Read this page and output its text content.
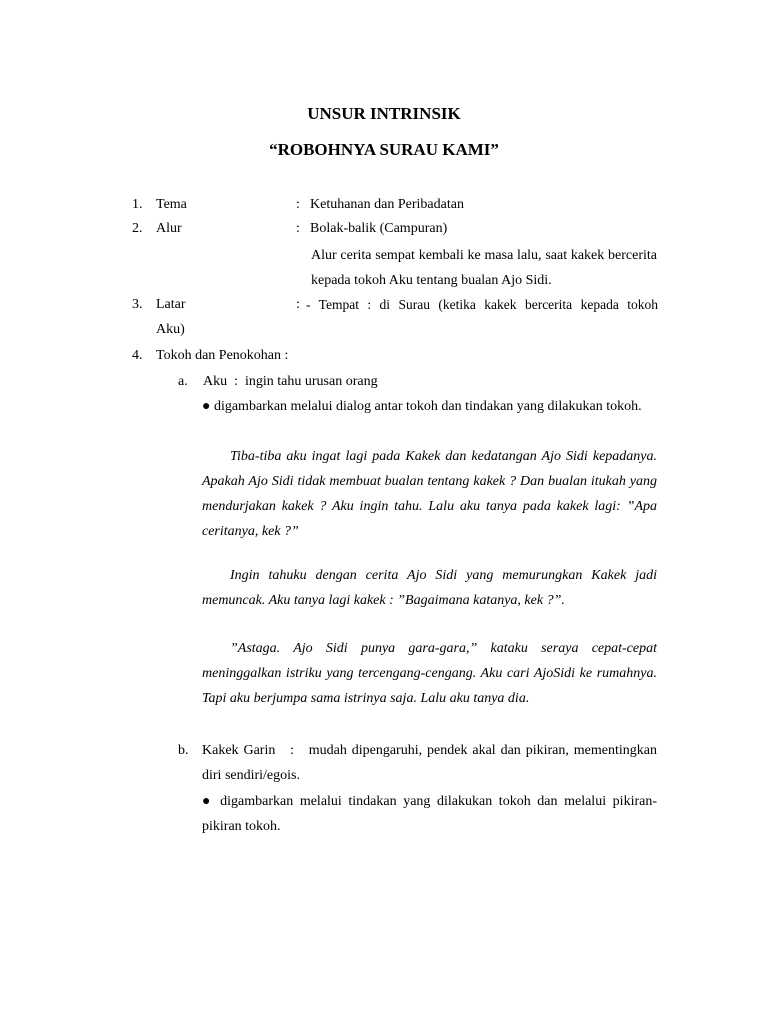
UNSUR INTRINSIK
“ROBOHNYA SURAU KAMI”
1. Tema	: Ketuhanan dan Peribadatan
2. Alur	: Bolak-balik (Campuran)
Alur cerita sempat kembali ke masa lalu, saat kakek bercerita kepada tokoh Aku tentang bualan Ajo Sidi.
3. Latar	: - Tempat : di Surau (ketika kakek bercerita kepada tokoh
Aku)
4. Tokoh dan Penokohan :
a. Aku  :  ingin tahu urusan orang
● digambarkan melalui dialog antar tokoh dan tindakan yang dilakukan tokoh.
Tiba-tiba aku ingat lagi pada Kakek dan kedatangan Ajo Sidi kepadanya. Apakah Ajo Sidi tidak membuat bualan tentang kakek ? Dan bualan itukah yang mendurjakan kakek ? Aku ingin tahu. Lalu aku tanya pada kakek lagi: ”Apa ceritanya, kek ?”
Ingin tahuku dengan cerita Ajo Sidi yang memurungkan Kakek jadi memuncak. Aku tanya lagi kakek : ”Bagaimana katanya, kek ?”.
”Astaga. Ajo Sidi punya gara-gara,” kataku seraya cepat-cepat meninggalkan istriku yang tercengang-cengang. Aku cari AjoSidi ke rumahnya. Tapi aku berjumpa sama istrinya saja. Lalu aku tanya dia.
b. Kakek Garin   :   mudah dipengaruhi, pendek akal dan pikiran, mementingkan diri sendiri/egois.
● digambarkan melalui tindakan yang dilakukan tokoh dan melalui pikiran-pikiran tokoh.
